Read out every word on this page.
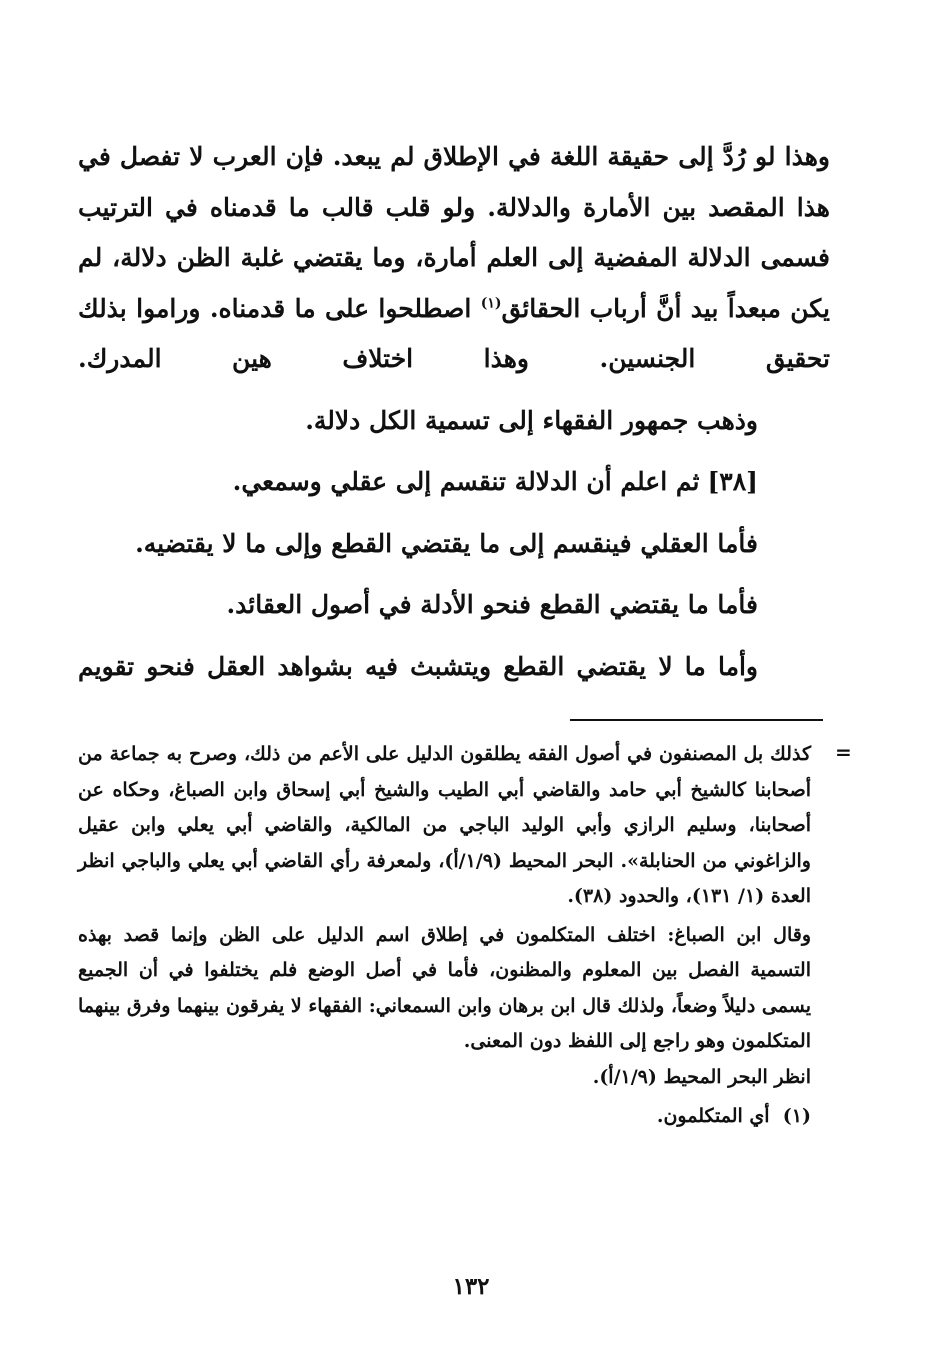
وهذا لو رُدَّ إلى حقيقة اللغة في الإطلاق لم يبعد. فإن العرب لا تفصل في هذا المقصد بين الأمارة والدلالة. ولو قلب قالب ما قدمناه في الترتيب فسمى الدلالة المفضية إلى العلم أمارة، وما يقتضي غلبة الظن دلالة، لم يكن مبعداً بيد أنَّ أرباب الحقائق$^{(١)}$ اصطلحوا على ما قدمناه. وراموا بذلك تحقيق الجنسين. وهذا اختلاف هين المدرك.

وذهب جمهور الفقهاء إلى تسمية الكل دلالة.

[٣٨]ثم اعلم أن الدلالة تنقسم إلى عقلي وسمعي.

فأما العقلي فينقسم إلى ما يقتضي القطع وإلى ما لا يقتضيه.

فأما ما يقتضي القطع فنحو الأدلة في أصول العقائد.

وأما ما لا يقتضي القطع ويتشبث فيه بشواهد العقل فنحو تقويم

=

كذلك بل المصنفون في أصول الفقه يطلقون الدليل على الأعم من ذلك، وصرح به جماعة من أصحابنا كالشيخ أبي حامد والقاضي أبي الطيب والشيخ أبي إسحاق وابن الصباغ، وحكاه عن أصحابنا، وسليم الرازي وأبي الوليد الباجي من المالكية، والقاضي أبي يعلي وابن عقيل والزاغوني من الحنابلة». البحر المحيط (١/٩/أ)، ولمعرفة رأي القاضي أبي يعلي والباجي انظر العدة (١/ ١٣١)، والحدود (٣٨).

وقال ابن الصباغ: اختلف المتكلمون في إطلاق اسم الدليل على الظن وإنما قصد بهذه التسمية الفصل بين المعلوم والمظنون، فأما في أصل الوضع فلم يختلفوا في أن الجميع يسمى دليلاً وضعاً، ولذلك قال ابن برهان وابن السمعاني: الفقهاء لا يفرقون بينهما وفرق بينهما المتكلمون وهو راجع إلى اللفظ دون المعنى.

انظر البحر المحيط (١/٩/أ).

(١)  أي المتكلمون.

١٣٢
